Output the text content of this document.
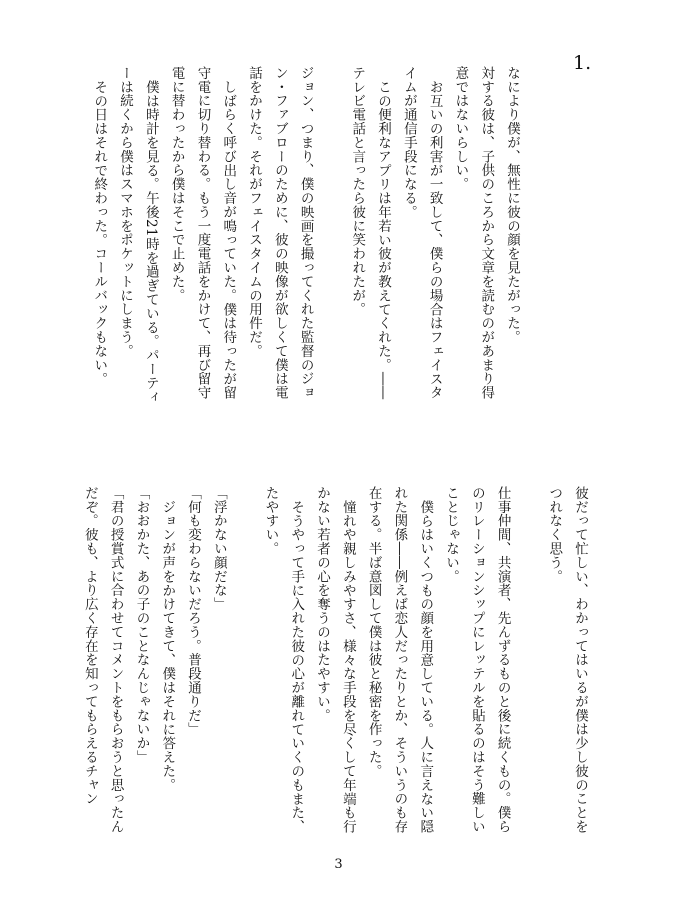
1.

なにより僕が、無性に彼の顔を見たがった。

対する彼は、子供のころから文章を読むのがあまり得意ではないらしい。

お互いの利害が一致して、僕らの場合はフェイスタイムが通信手段になる。

この便利なアプリは年若い彼が教えてくれた。――テレビ電話と言ったら彼に笑われたが。

ジョン、つまり、僕の映画を撮ってくれた監督のジョン・ファブローのために、彼の映像が欲しくて僕は電話をかけた。それがフェイスタイムの用件だ。

しばらく呼び出し音が鳴っていた。僕は待ったが留守電に切り替わる。もう一度電話をかけて、再び留守電に替わったから僕はそこで止めた。

僕は時計を見る。午後21時を過ぎている。パーティーは続くから僕はスマホをポケットにしまう。

その日はそれで終わった。コールバックもない。

彼だって忙しい、わかってはいるが僕は少し彼のことをつれなく思う。

仕事仲間、共演者、先んずるものと後に続くもの。僕らのリレーションシップにレッテルを貼るのはそう難しいことじゃない。

僕らはいくつもの顔を用意している。人に言えない隠れた関係――例えば恋人だったりとか、そういうのも存在する。半ば意図して僕は彼と秘密を作った。

憧れや親しみやすさ、様々な手段を尽くして年端も行かない若者の心を奪うのはたやすい。

そうやって手に入れた彼の心が離れていくのもまた、たやすい。

「浮かない顔だな」

「何も変わらないだろう。普段通りだ」

ジョンが声をかけてきて、僕はそれに答えた。

「おおかた、あの子のことなんじゃないか」

「君の授賞式に合わせてコメントをもらおうと思ったんだぞ。彼も、より広く存在を知ってもらえるチャン

3
